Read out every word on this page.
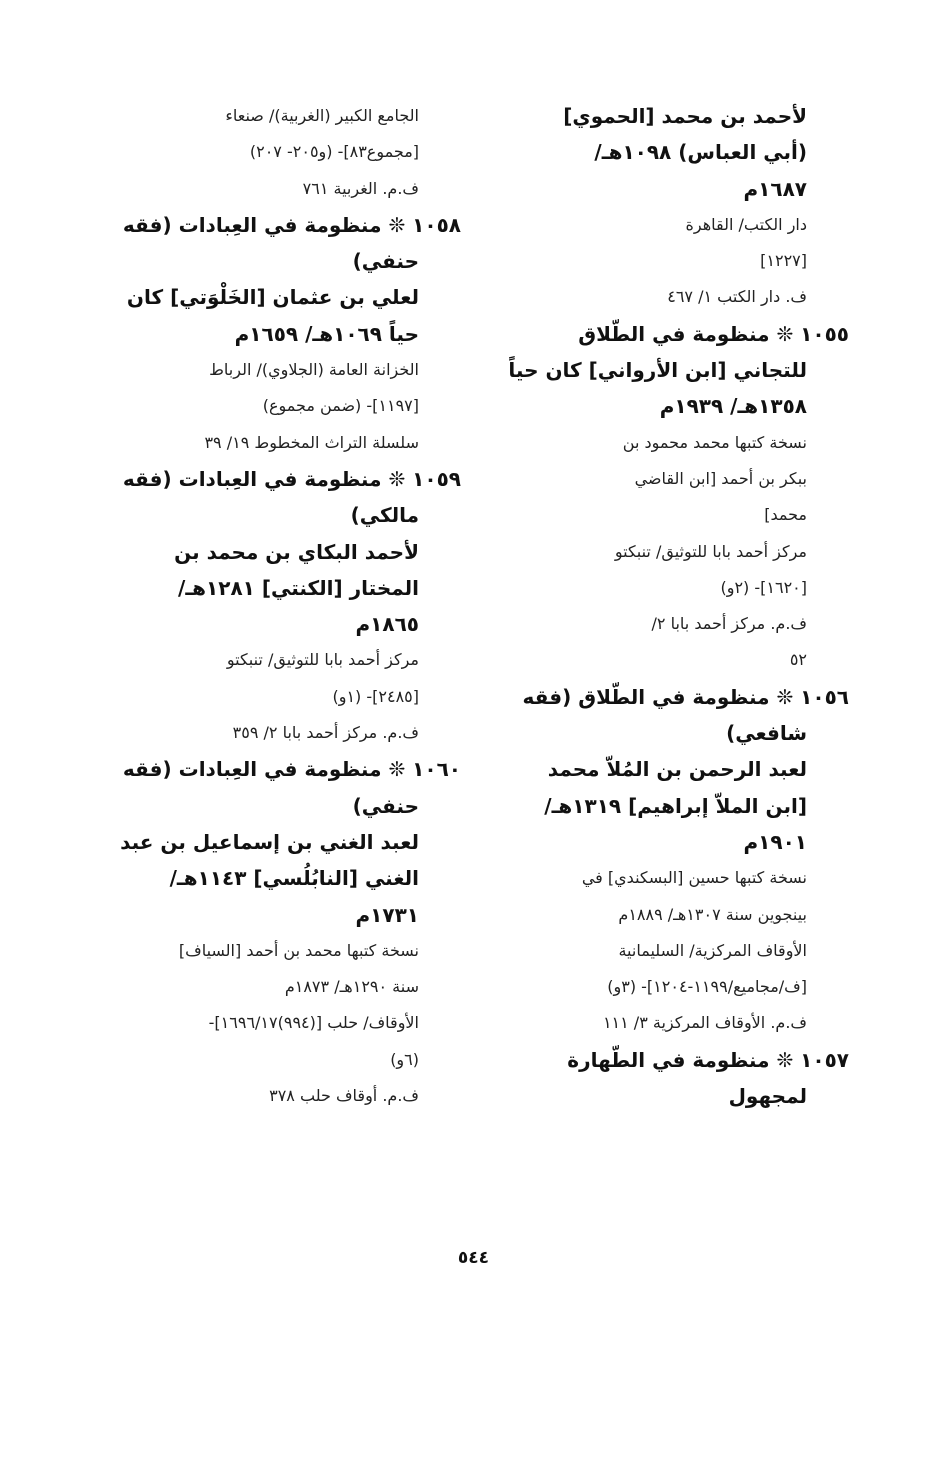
لأحمد بن محمد [الحموي]
(أبي العباس) ١٠٩٨هـ/
١٦٨٧م
دار الكتب/ القاهرة
[١٢٢٧]
ف. دار الكتب ١/ ٤٦٧
١٠٥٥ ❊ منظومة في الطّلاق
للتجاني [ابن الأرواني] كان حياً
١٣٥٨هـ/ ١٩٣٩م
نسخة كتبها محمد محمود بن
ببكر بن أحمد [ابن القاضي
محمد]
مركز أحمد بابا للتوثيق/ تنبكتو
[١٦٢٠]- (٢و)
ف.م. مركز أحمد بابا ٢/
٥٢
١٠٥٦ ❊ منظومة في الطّلاق (فقه
شافعي)
لعبد الرحمن بن المُلاّ محمد
[ابن الملاّ إبراهيم] ١٣١٩هـ/
١٩٠١م
نسخة كتبها حسين [البسكندي] في
بينجوين سنة ١٣٠٧هـ/ ١٨٨٩م
الأوقاف المركزية/ السليمانية
[ف/مجاميع/١١٩٩-١٢٠٤]- (٣و)
ف.م. الأوقاف المركزية ٣/ ١١١
١٠٥٧ ❊ منظومة في الطّهارة
لمجهول
الجامع الكبير (الغربية)/ صنعاء
[مجموع٨٣]- (و٢٠٥- ٢٠٧)
ف.م. الغربية ٧٦١
١٠٥٨ ❊ منظومة في العِبادات (فقه
حنفي)
لعلي بن عثمان [الخَلْوَتي] كان
حياً ١٠٦٩هـ/ ١٦٥٩م
الخزانة العامة (الجلاوي)/ الرباط
[١١٩٧]- (ضمن مجموع)
سلسلة التراث المخطوط ١٩/ ٣٩
١٠٥٩ ❊ منظومة في العِبادات (فقه
مالكي)
لأحمد البكاي بن محمد بن
المختار [الكنتي] ١٢٨١هـ/
١٨٦٥م
مركز أحمد بابا للتوثيق/ تنبكتو
[٢٤٨٥]- (١و)
ف.م. مركز أحمد بابا ٢/ ٣٥٩
١٠٦٠ ❊ منظومة في العِبادات (فقه
حنفي)
لعبد الغني بن إسماعيل بن عبد
الغني [النابُلُسي] ١١٤٣هـ/
١٧٣١م
نسخة كتبها محمد بن أحمد [السياف]
سنة ١٢٩٠هـ/ ١٨٧٣م
الأوقاف/ حلب [(٩٩٤)١٦٩٦/١٧]-
(٦و)
ف.م. أوقاف حلب ٣٧٨
٥٤٤
